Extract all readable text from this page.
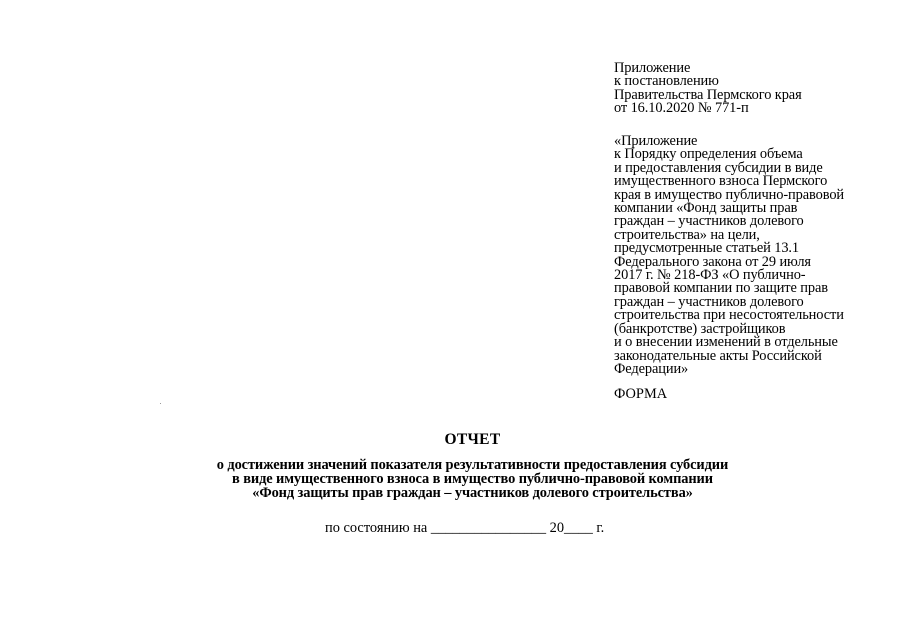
Приложение
к постановлению
Правительства Пермского края
от 16.10.2020 № 771-п
«Приложение
к Порядку определения объема
и предоставления субсидии в виде
имущественного взноса Пермского
края в имущество публично-правовой
компании «Фонд защиты прав
граждан – участников долевого
строительства» на цели,
предусмотренные статьей 13.1
Федерального закона от 29 июля
2017 г. № 218-ФЗ «О публично-
правовой компании по защите прав
граждан – участников долевого
строительства при несостоятельности
(банкротстве) застройщиков
и о внесении изменений в отдельные
законодательные акты Российской
Федерации»
ФОРМА
ОТЧЕТ
о достижении значений показателя результативности предоставления субсидии
в виде имущественного взноса в имущество публично-правовой компании
«Фонд защиты прав граждан – участников долевого строительства»
по состоянию на ________________ 20____ г.
